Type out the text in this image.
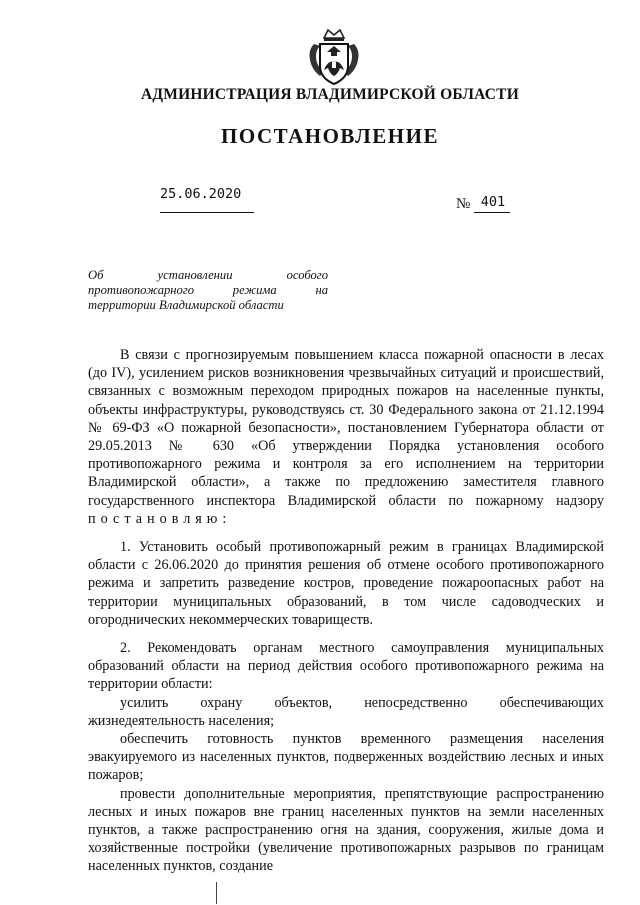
АДМИНИСТРАЦИЯ ВЛАДИМИРСКОЙ ОБЛАСТИ
ПОСТАНОВЛЕНИЕ
25.06.2020
№ 401
Об установлении особого
противопожарного режима на
территории Владимирской области

В связи с прогнозируемым повышением класса пожарной опасности в лесах (до IV), усилением рисков возникновения чрезвычайных ситуаций и происшествий, связанных с возможным переходом природных пожаров на населенные пункты, объекты инфраструктуры, руководствуясь ст. 30 Федерального закона от 21.12.1994 № 69-ФЗ «О пожарной безопасности», постановлением Губернатора области от 29.05.2013 № 630 «Об утверждении Порядка установления особого противопожарного режима и контроля за его исполнением на территории Владимирской области», а также по предложению заместителя главного государственного инспектора Владимирской области по пожарному надзору постановляю:

1. Установить особый противопожарный режим в границах Владимирской области с 26.06.2020 до принятия решения об отмене особого противопожарного режима и запретить разведение костров, проведение пожароопасных работ на территории муниципальных образований, в том числе садоводческих и огороднических некоммерческих товариществ.

2. Рекомендовать органам местного самоуправления муниципальных образований области на период действия особого противопожарного режима на территории области:

усилить охрану объектов, непосредственно обеспечивающих жизнедеятельность населения;

обеспечить готовность пунктов временного размещения населения эвакуируемого из населенных пунктов, подверженных воздействию лесных и иных пожаров;

провести дополнительные мероприятия, препятствующие распространению лесных и иных пожаров вне границ населенных пунктов на земли населенных пунктов, а также распространению огня на здания, сооружения, жилые дома и хозяйственные постройки (увеличение противопожарных разрывов по границам населенных пунктов, создание
